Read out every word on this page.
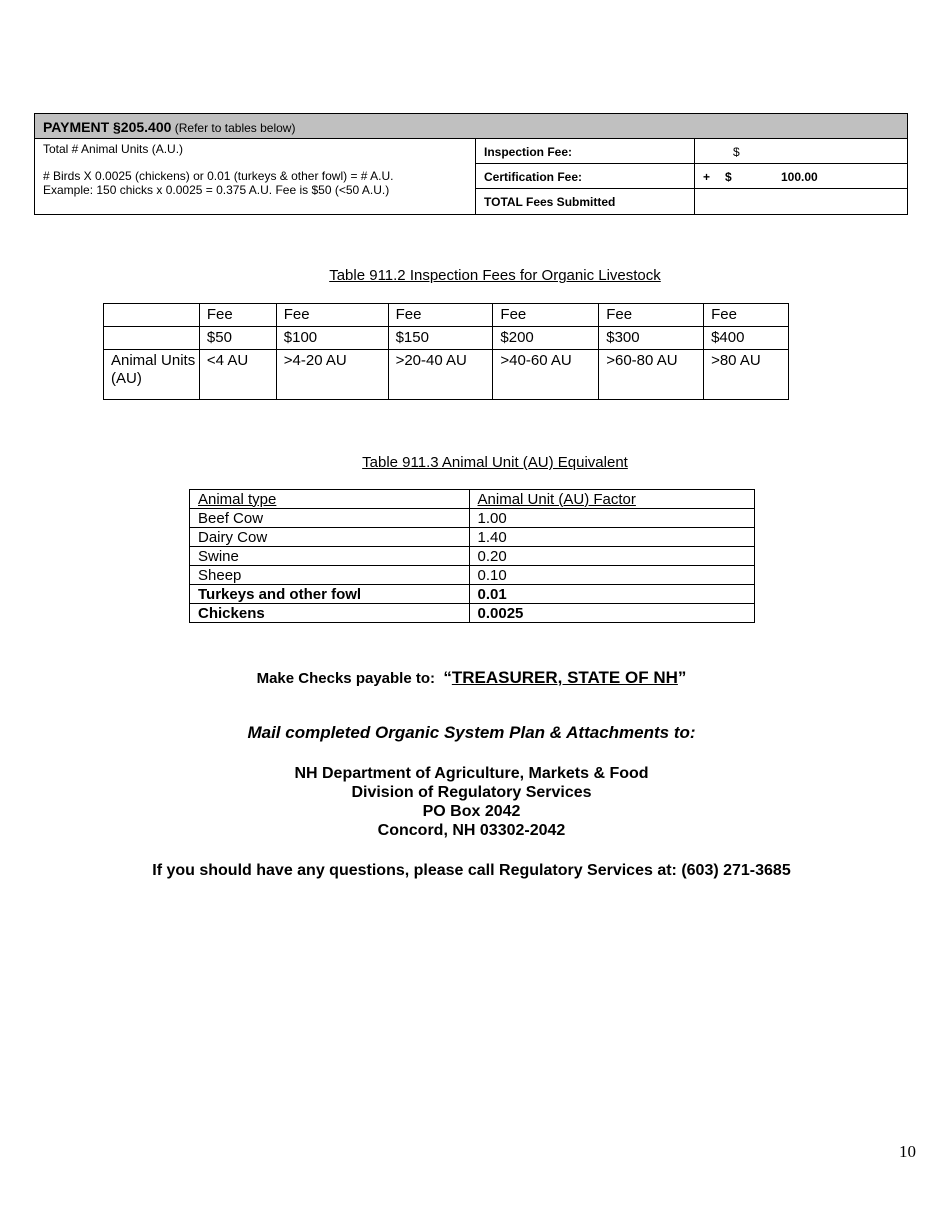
PAYMENT §205.400 (Refer to tables below)
Total # Animal Units (A.U.)
# Birds X 0.0025 (chickens) or 0.01 (turkeys & other fowl) = # A.U.
Example: 150 chicks x 0.0025 = 0.375 A.U. Fee is $50 (<50 A.U.)
Inspection Fee:	$
Certification Fee:	+ $	100.00
TOTAL Fees Submitted
Table 911.2 Inspection Fees for Organic Livestock
	Fee	Fee	Fee	Fee	Fee	Fee
	$50	$100	$150	$200	$300	$400
Animal Units (AU)	<4 AU	>4-20 AU	>20-40 AU	>40-60 AU	>60-80 AU	>80 AU
Table 911.3 Animal Unit (AU) Equivalent
Animal type	Animal Unit (AU) Factor
Beef Cow	1.00
Dairy Cow	1.40
Swine	0.20
Sheep	0.10
Turkeys and other fowl	0.01
Chickens	0.0025
Make Checks payable to: “TREASURER, STATE OF NH”
Mail completed Organic System Plan & Attachments to:
NH Department of Agriculture, Markets & Food
Division of Regulatory Services
PO Box 2042
Concord, NH 03302-2042
If you should have any questions, please call Regulatory Services at: (603) 271-3685
10
